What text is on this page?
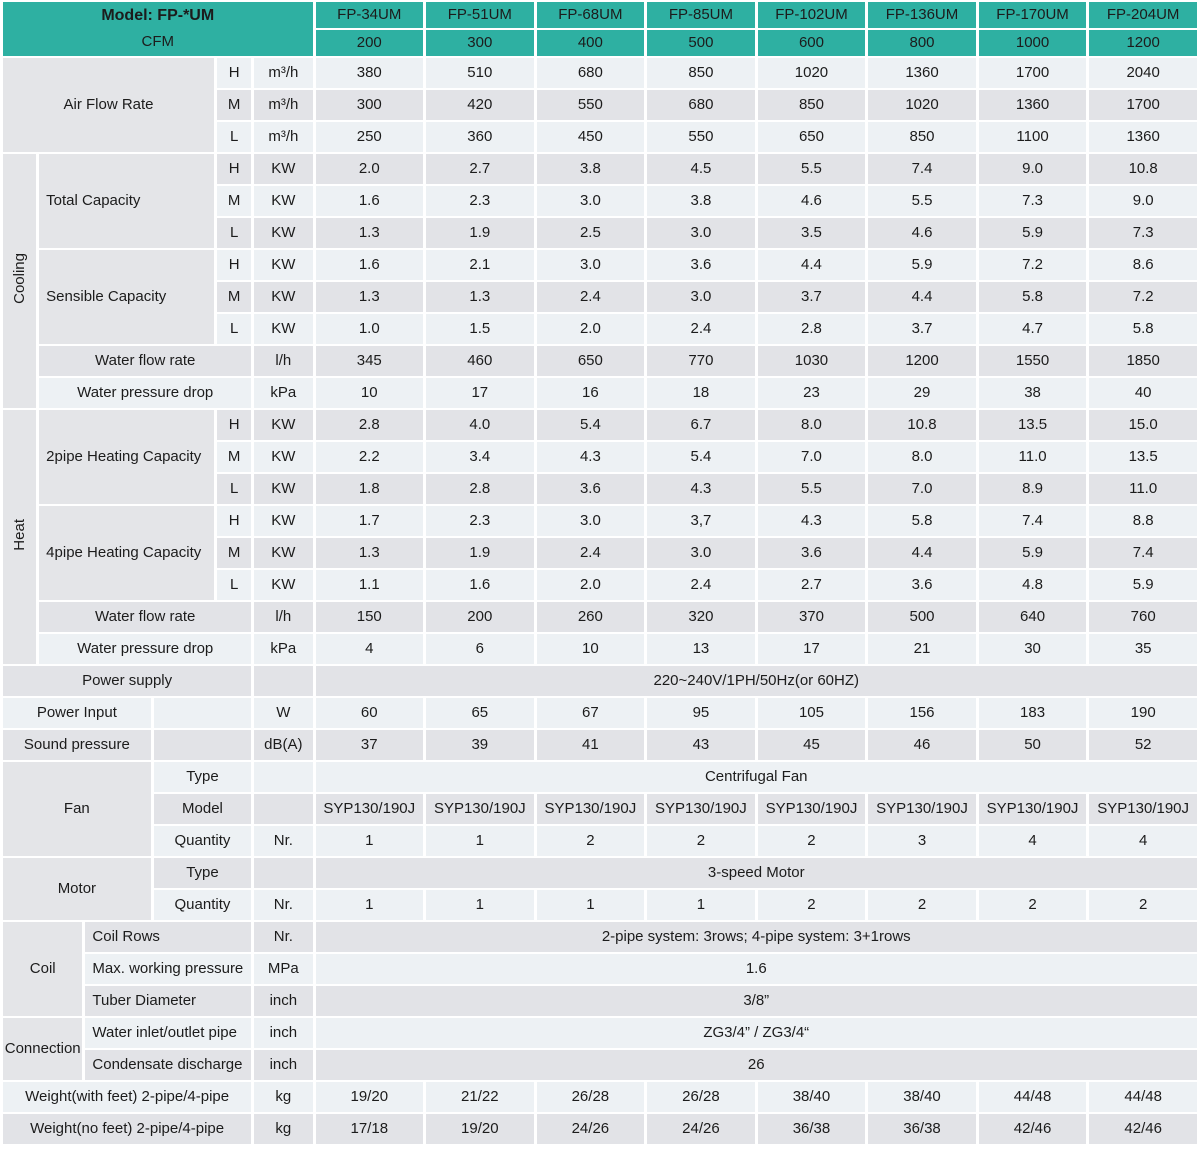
Model: FP-*UM
CFM						FP-34UM	FP-51UM	FP-68UM	FP-85UM	FP-102UM	FP-136UM	FP-170UM	FP-204UM
						200	300	400	500	600	800	1000	1200
Air Flow Rate				H	m³/h	380	510	680	850	1020	1360	1700	2040
				M	m³/h	300	420	550	680	850	1020	1360	1700
				L	m³/h	250	360	450	550	650	850	1100	1360
Cooling	Total Capacity			H	KW	2.0	2.7	3.8	4.5	5.5	7.4	9.0	10.8
				M	KW	1.6	2.3	3.0	3.8	4.6	5.5	7.3	9.0
				L	KW	1.3	1.9	2.5	3.0	3.5	4.6	5.9	7.3
	Sensible Capacity			H	KW	1.6	2.1	3.0	3.6	4.4	5.9	7.2	8.6
				M	KW	1.3	1.3	2.4	3.0	3.7	4.4	5.8	7.2
				L	KW	1.0	1.5	2.0	2.4	2.8	3.7	4.7	5.8
	Water flow rate				l/h	345	460	650	770	1030	1200	1550	1850
	Water pressure drop				kPa	10	17	16	18	23	29	38	40
Heat	2pipe Heating Capacity			H	KW	2.8	4.0	5.4	6.7	8.0	10.8	13.5	15.0
				M	KW	2.2	3.4	4.3	5.4	7.0	8.0	11.0	13.5
				L	KW	1.8	2.8	3.6	4.3	5.5	7.0	8.9	11.0
	4pipe Heating Capacity			H	KW	1.7	2.3	3.0	3,7	4.3	5.8	7.4	8.8
				M	KW	1.3	1.9	2.4	3.0	3.6	4.4	5.9	7.4
				L	KW	1.1	1.6	2.0	2.4	2.7	3.6	4.8	5.9
	Water flow rate				l/h	150	200	260	320	370	500	640	760
	Water pressure drop				kPa	4	6	10	13	17	21	30	35
Power supply						220~240V/1PH/50Hz(or 60HZ)							
Power Input					W	60	65	67	95	105	156	183	190
Sound pressure					dB(A)	37	39	41	43	45	46	50	52
Fan			Type			Centrifugal Fan							
			Model			SYP130/190J	SYP130/190J	SYP130/190J	SYP130/190J	SYP130/190J	SYP130/190J	SYP130/190J	SYP130/190J
			Quantity		Nr.	1	1	2	2	2	3	4	4
Motor			Type			3-speed Motor							
			Quantity		Nr.	1	1	1	1	2	2	2	2
Coil		Coil Rows			Nr.	2-pipe system: 3rows; 4-pipe system: 3+1rows							
		Max. working pressure			MPa	1.6							
		Tuber Diameter			inch	3/8”							
Connection		Water inlet/outlet pipe			inch	ZG3/4” / ZG3/4“							
		Condensate discharge			inch	26							
Weight(with feet) 2-pipe/4-pipe					kg	19/20	21/22	26/28	26/28	38/40	38/40	44/48	44/48
Weight(no feet) 2-pipe/4-pipe					kg	17/18	19/20	24/26	24/26	36/38	36/38	42/46	42/46
